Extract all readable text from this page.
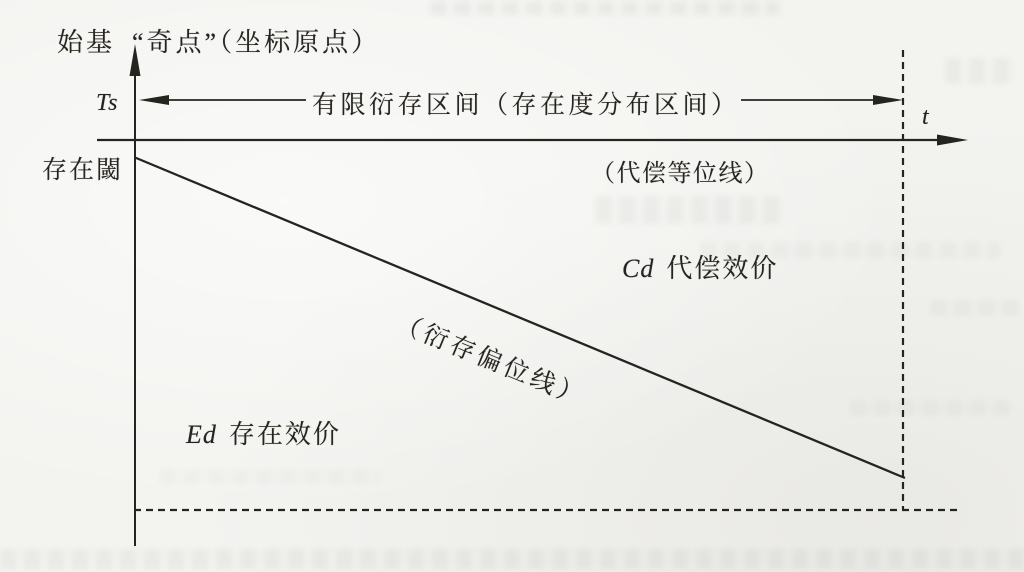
始基 “奇点”（坐标原点）
Ts	有限衍存区间（存在度分布区间）	t
存在閾	（代偿等位线）
Cd 代偿效价
（衍存偏位线）
Ed 存在效价
